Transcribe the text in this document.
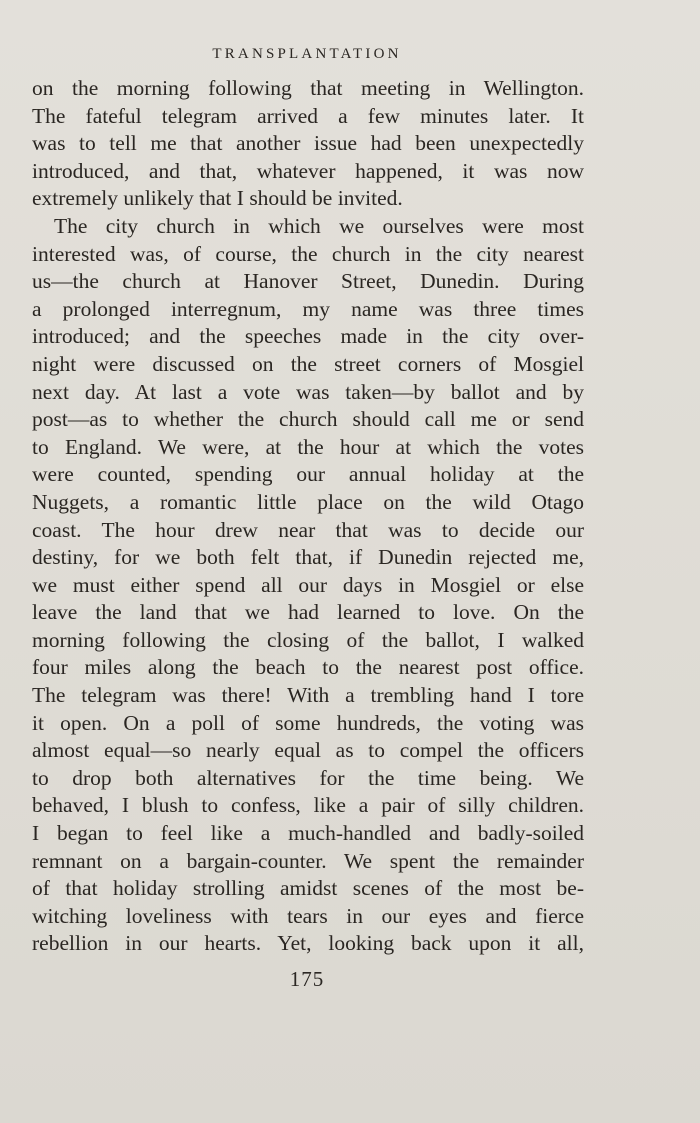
TRANSPLANTATION
on the morning following that meeting in Wellington.
The fateful telegram arrived a few minutes later. It
was to tell me that another issue had been unexpectedly
introduced, and that, whatever happened, it was now
extremely unlikely that I should be invited.
The city church in which we ourselves were most
interested was, of course, the church in the city nearest
us—the church at Hanover Street, Dunedin. During
a prolonged interregnum, my name was three times
introduced; and the speeches made in the city over-
night were discussed on the street corners of Mosgiel
next day. At last a vote was taken—by ballot and by
post—as to whether the church should call me or send
to England. We were, at the hour at which the votes
were counted, spending our annual holiday at the
Nuggets, a romantic little place on the wild Otago
coast. The hour drew near that was to decide our
destiny, for we both felt that, if Dunedin rejected me,
we must either spend all our days in Mosgiel or else
leave the land that we had learned to love. On the
morning following the closing of the ballot, I walked
four miles along the beach to the nearest post office.
The telegram was there! With a trembling hand I tore
it open. On a poll of some hundreds, the voting was
almost equal—so nearly equal as to compel the officers
to drop both alternatives for the time being. We
behaved, I blush to confess, like a pair of silly children.
I began to feel like a much-handled and badly-soiled
remnant on a bargain-counter. We spent the remainder
of that holiday strolling amidst scenes of the most be-
witching loveliness with tears in our eyes and fierce
rebellion in our hearts. Yet, looking back upon it all,
175
